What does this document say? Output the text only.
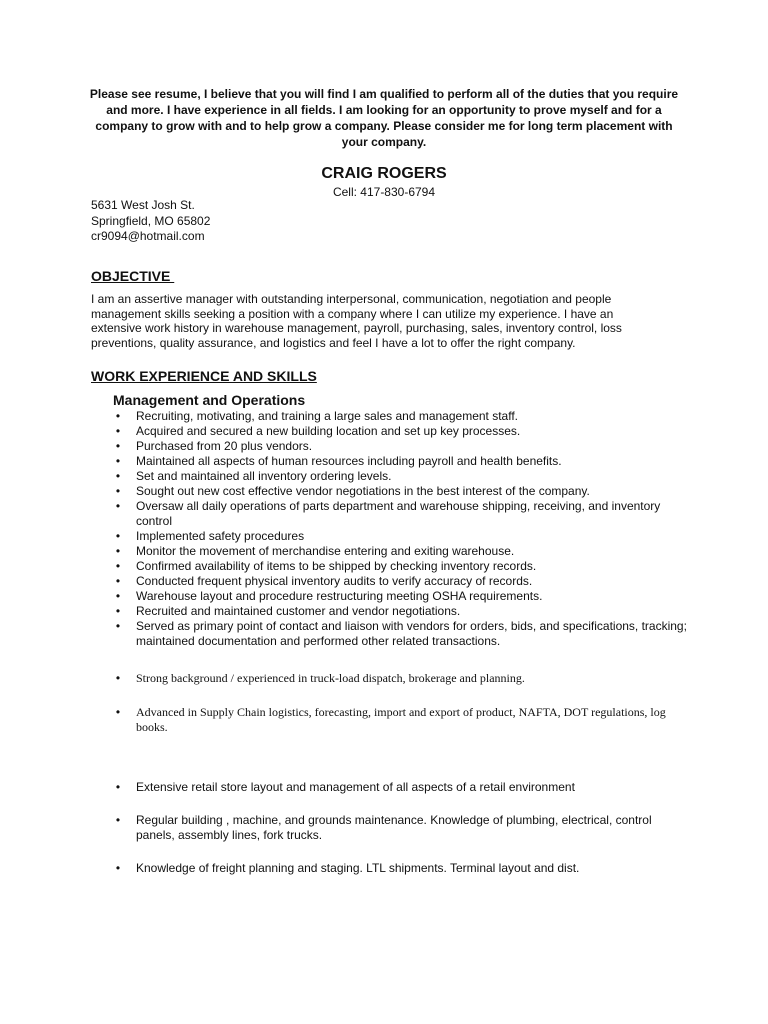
Please see resume, I believe that you will find I am qualified to perform all of the duties that you require and more. I have experience in all fields. I am looking for an opportunity to prove myself and for a company to grow with and to help grow a company. Please consider me for long term placement with your company.

CRAIG ROGERS

Cell: 417-830-6794

5631 West Josh St.
Springfield, MO 65802
cr9094@hotmail.com
OBJECTIVE

I am an assertive manager with outstanding interpersonal, communication, negotiation and people management skills seeking a position with a company where I can utilize my experience. I have an extensive work history in warehouse management, payroll, purchasing, sales, inventory control, loss preventions, quality assurance, and logistics and feel I have a lot to offer the right company.

WORK EXPERIENCE AND SKILLS
Management and Operations
• Recruiting, motivating, and training a large sales and management staff.
• Acquired and secured a new building location and set up key processes.
• Purchased from 20 plus vendors.
• Maintained all aspects of human resources including payroll and health benefits.
• Set and maintained all inventory ordering levels.
• Sought out new cost effective vendor negotiations in the best interest of the company.
• Oversaw all daily operations of parts department and warehouse shipping, receiving, and inventory control
• Implemented safety procedures
• Monitor the movement of merchandise entering and exiting warehouse.
• Confirmed availability of items to be shipped by checking inventory records.
• Conducted frequent physical inventory audits to verify accuracy of records.
• Warehouse layout and procedure restructuring meeting OSHA requirements.
• Recruited and maintained customer and vendor negotiations.
• Served as primary point of contact and liaison with vendors for orders, bids, and specifications, tracking; maintained documentation and performed other related transactions.
• Strong background / experienced in truck-load dispatch, brokerage and planning.
• Advanced in Supply Chain logistics, forecasting, import and export of product, NAFTA, DOT regulations, log books.
• Extensive retail store layout and management of all aspects of a retail environment
• Regular building , machine, and grounds maintenance. Knowledge of plumbing, electrical, control panels, assembly lines, fork trucks.
• Knowledge of freight planning and staging. LTL shipments. Terminal layout and dist.
